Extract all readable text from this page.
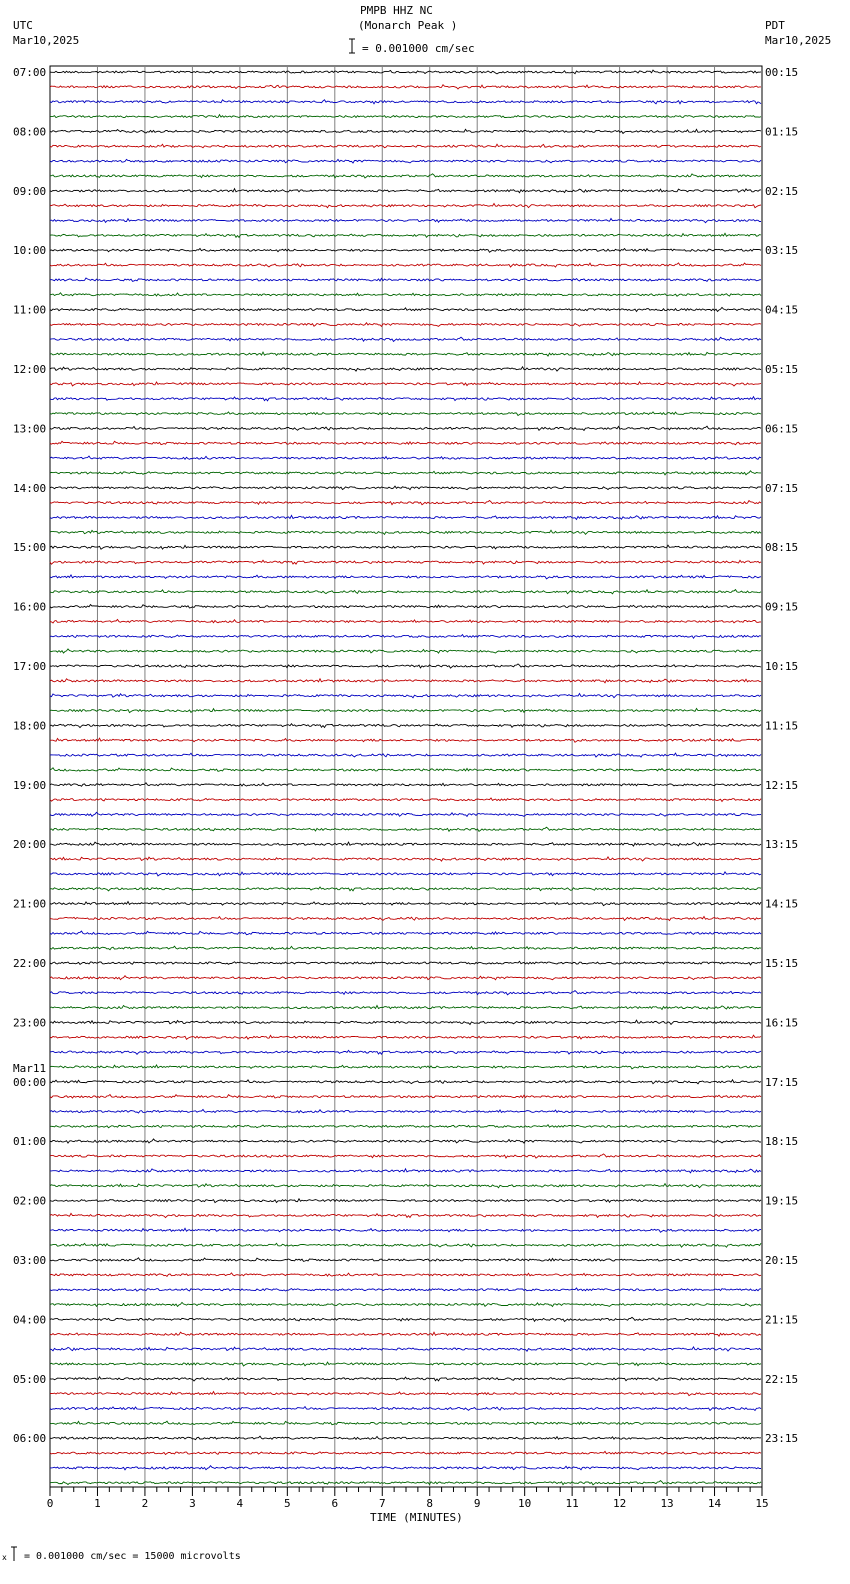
PMPB HHZ NC
(Monarch Peak )
= 0.001000 cm/sec
UTC
Mar10,2025
PDT
Mar10,2025
07:00	00:15
08:00	01:15
09:00	02:15
10:00	03:15
11:00	04:15
12:00	05:15
13:00	06:15
14:00	07:15
15:00	08:15
16:00	09:15
17:00	10:15
18:00	11:15
19:00	12:15
20:00	13:15
21:00	14:15
22:00	15:15
23:00	16:15
00:00	17:15
01:00	18:15
02:00	19:15
03:00	20:15
04:00	21:15
05:00	22:15
06:00	23:15
Mar11
0	1	2	3	4	5	6	7	8	9	10	11	12	13	14	15
TIME (MINUTES)
x = 0.001000 cm/sec = 15000 microvolts
